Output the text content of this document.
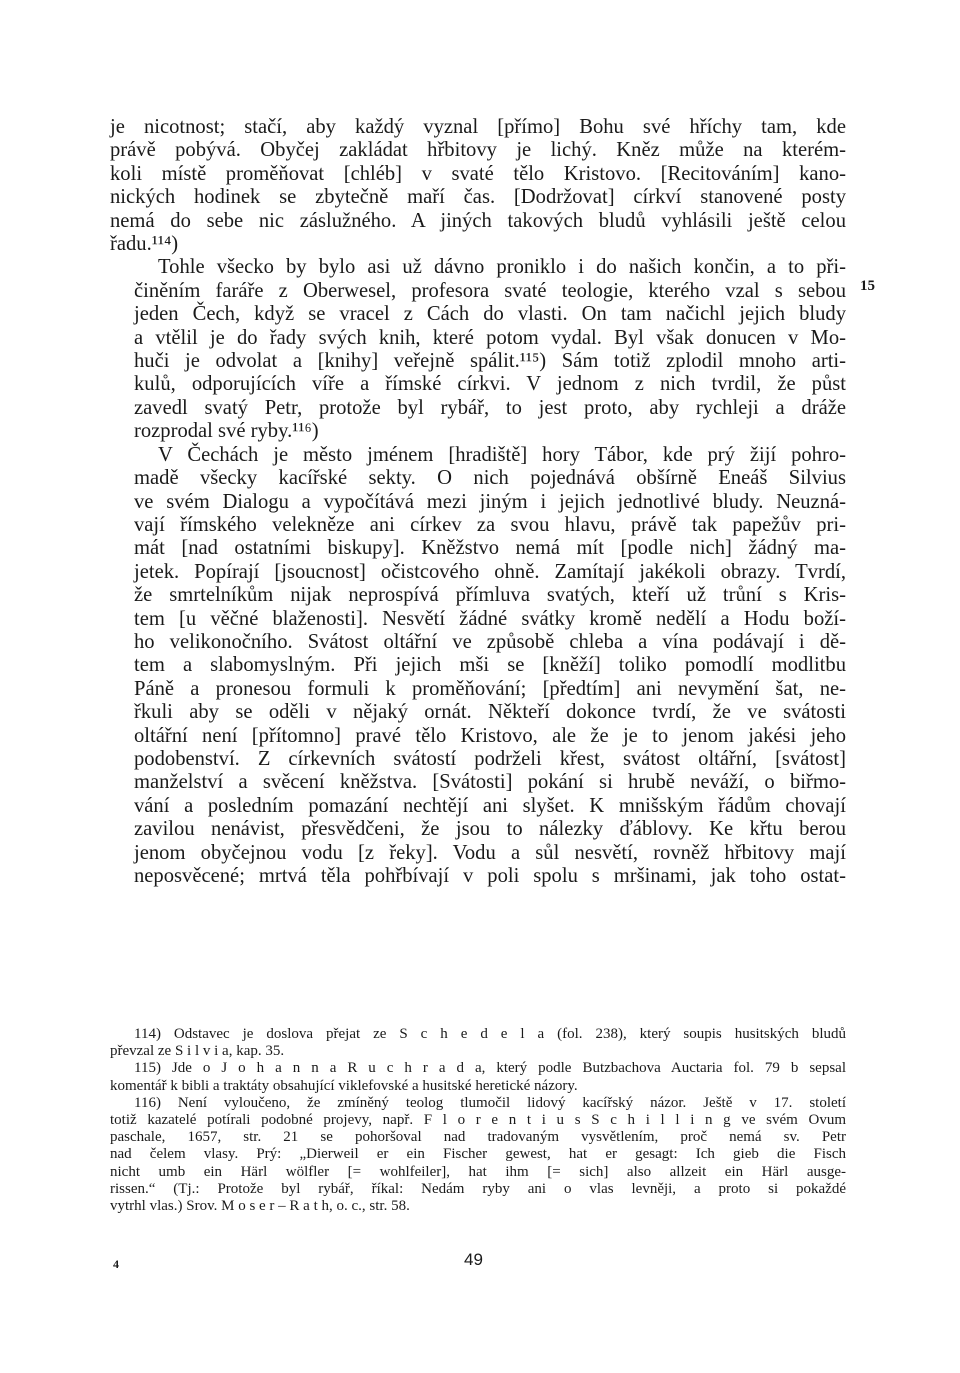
je nicotnost; stačí, aby každý vyznal [přímo] Bohu své hříchy tam, kde
právě pobývá. Obyčej zakládat hřbitovy je lichý. Kněz může na kterém-
koli místě proměňovat [chléb] v svaté tělo Kristovo. [Recitováním] kano-
nických hodinek se zbytečně maří čas. [Dodržovat] církví stanovené posty
nemá do sebe nic záslužného. A jiných takových bludů vyhlásili ještě celou
řadu.¹¹⁴)

Tohle všecko by bylo asi už dávno proniklo i do našich končin, a to při-
činěním faráře z Oberwesel, profesora svaté teologie, kterého vzal s sebou
jeden Čech, když se vracel z Cách do vlasti. On tam načichl jejich bludy
a vtělil je do řady svých knih, které potom vydal. Byl však donucen v Mo-
huči je odvolat a [knihy] veřejně spálit.¹¹⁵) Sám totiž zplodil mnoho arti-
kulů, odporujících víře a římské církvi. V jednom z nich tvrdil, že půst
zavedl svatý Petr, protože byl rybář, to jest proto, aby rychleji a dráže
rozprodal své ryby.¹¹⁶)

V Čechách je město jménem [hradiště] hory Tábor, kde prý žijí pohro-
madě všecky kacířské sekty. O nich pojednává obšírně Eneáš Silvius
ve svém Dialogu a vypočítává mezi jiným i jejich jednotlivé bludy. Neuzná-
vají římského velekněze ani církev za svou hlavu, právě tak papežův pri-
mát [nad ostatními biskupy]. Kněžstvo nemá mít [podle nich] žádný ma-
jetek. Popírají [jsoucnost] očistcového ohně. Zamítají jakékoli obrazy. Tvrdí,
že smrtelníkům nijak neprospívá přímluva svatých, kteří už trůní s Kris-
tem [u věčné blaženosti]. Nesvětí žádné svátky kromě nedělí a Hodu boží-
ho velikonočního. Svátost oltářní ve způsobě chleba a vína podávají i dě-
tem a slabomyslným. Při jejich mši se [kněží] toliko pomodlí modlitbu
Páně a pronesou formuli k proměňování; [předtím] ani nevymění šat, ne-
řkuli aby se oděli v nějaký ornát. Někteří dokonce tvrdí, že ve svátosti
oltářní není [přítomno] pravé tělo Kristovo, ale že je to jenom jakési jeho
podobenství. Z církevních svátostí podrželi křest, svátost oltářní, [svátost]
manželství a svěcení kněžstva. [Svátosti] pokání si hrubě neváží, o biřmo-
vání a posledním pomazání nechtějí ani slyšet. K mnišským řádům chovají
zavilou nenávist, přesvědčeni, že jsou to nálezky ďáblovy. Ke křtu berou
jenom obyčejnou vodu [z řeky]. Vodu a sůl nesvětí, rovněž hřbitovy mají
neposvěcené; mrtvá těla pohřbívají v poli spolu s mršinami, jak toho ostat-

15

114) Odstavec je doslova přejat ze S c h e d e l a (fol. 238), který soupis husitských bludů
převzal ze S i l v i a, kap. 35.

115) Jde o J o h a n n a R u c h r a d a, který podle Butzbachova Auctaria fol. 79 b sepsal
komentář k bibli a traktáty obsahující viklefovské a husitské heretické názory.

116) Není vyloučeno, že zmíněný teolog tlumočil lidový kacířský názor. Ještě v 17. století
totiž kazatelé potírali podobné projevy, např. F l o r e n t i u s S c h i l l i n g ve svém Ovum
paschale, 1657, str. 21 se pohoršoval nad tradovaným vysvětlením, proč nemá sv. Petr
nad čelem vlasy. Prý: „Dierweil er ein Fischer gewest, hat er gesagt: Ich gieb die Fisch
nicht umb ein Härl wölfler [= wohlfeiler], hat ihm [= sich] also allzeit ein Härl ausge-
rissen.“ (Tj.: Protože byl rybář, říkal: Nedám ryby ani o vlas levněji, a proto si pokaždé
vytrhl vlas.) Srov. M o s e r – R a t h, o. c., str. 58.

4	49
